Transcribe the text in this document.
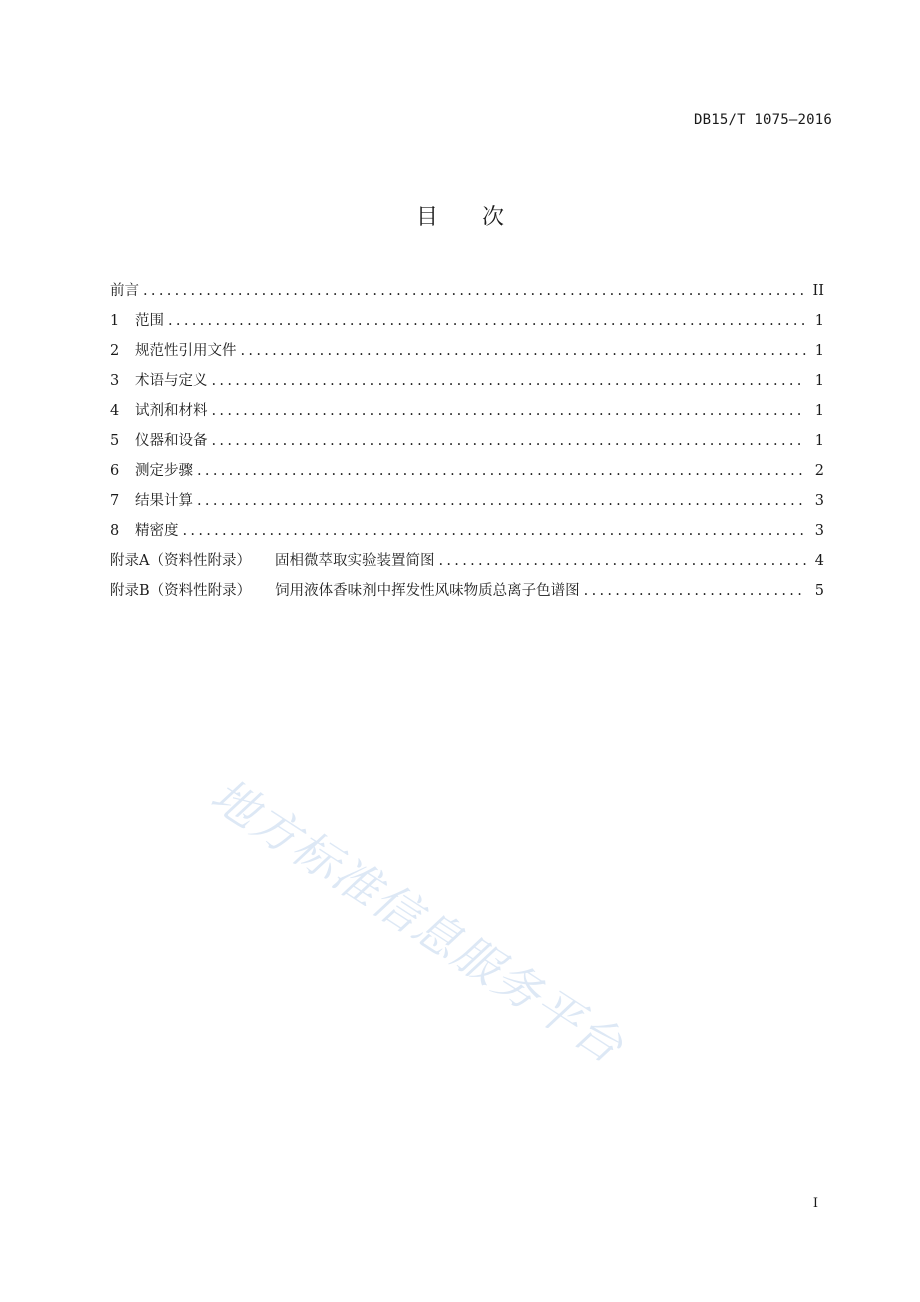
DB15/T 1075—2016
目 次
前言 .....	II
1	范围 .....	1
2	规范性引用文件 .....	1
3	术语与定义 .....	1
4	试剂和材料 .....	1
5	仪器和设备 .....	1
6	测定步骤 .....	2
7	结果计算 .....	3
8	精密度 .....	3
附录A（资料性附录） 固相微萃取实验装置简图 .....	4
附录B（资料性附录） 饲用液体香味剂中挥发性风味物质总离子色谱图 .....	5
地方标准信息服务平台
I
